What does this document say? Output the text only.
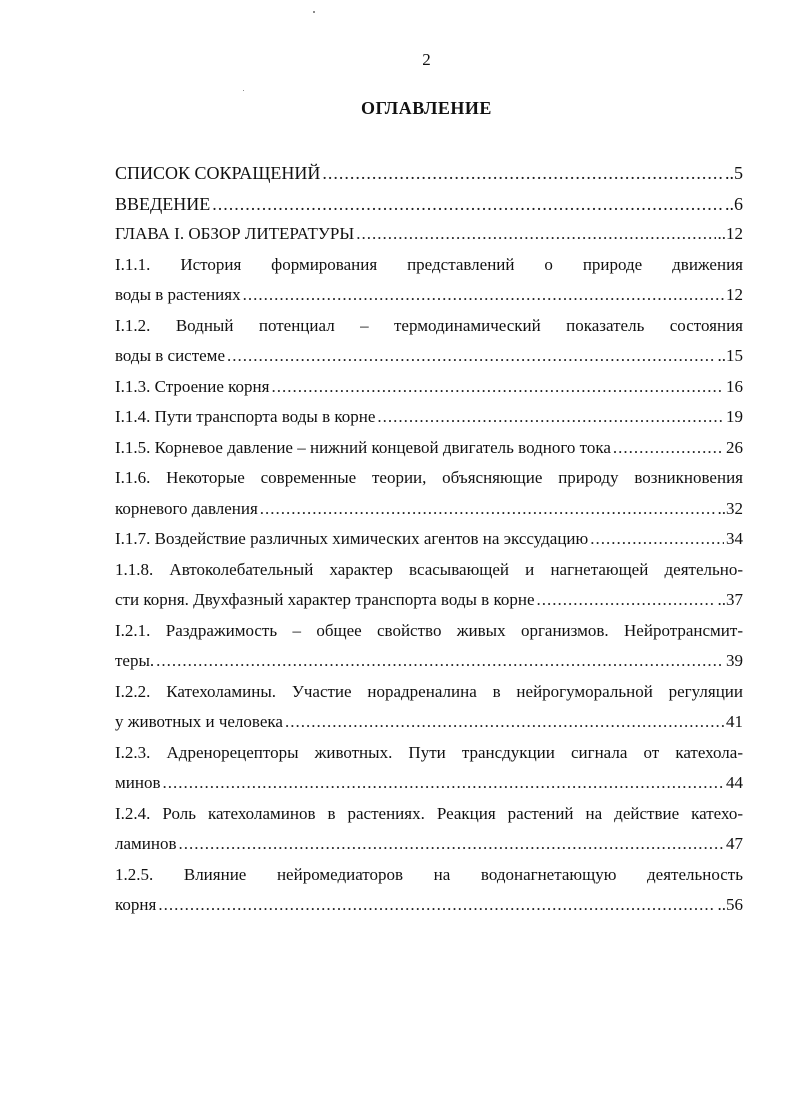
2
ОГЛАВЛЕНИЕ
СПИСОК СОКРАЩЕНИЙ .....	..5
ВВЕДЕНИЕ .....	..6
ГЛАВА I. ОБЗОР ЛИТЕРАТУРЫ .....	..12
I.1.1. История формирования представлений о природе движения
воды в растениях .....	12
I.1.2. Водный потенциал – термодинамический показатель состояния
воды в системе .....	..15
I.1.3. Строение корня .....	16
I.1.4. Пути транспорта воды в корне .....	19
I.1.5. Корневое давление – нижний концевой двигатель водного тока .....	26
I.1.6. Некоторые современные теории, объясняющие природу возникновения
корневого давления .....	..32
I.1.7. Воздействие различных химических агентов на экссудацию .....	34
1.1.8. Автоколебательный характер всасывающей и нагнетающей деятельно-
сти корня. Двухфазный характер транспорта воды в корне .....	..37
I.2.1. Раздражимость – общее свойство живых организмов. Нейротрансмит-
теры. .....	39
I.2.2. Катехоламины. Участие норадреналина в нейрогуморальной регуляции
у животных и человека .....	41
I.2.3. Адренорецепторы животных. Пути трансдукции сигнала от катехола-
минов .....	44
I.2.4. Роль катехоламинов в растениях. Реакция растений на действие катехо-
ламинов .....	47
1.2.5. Влияние нейромедиаторов на водонагнетающую деятельность
корня .....	..56
